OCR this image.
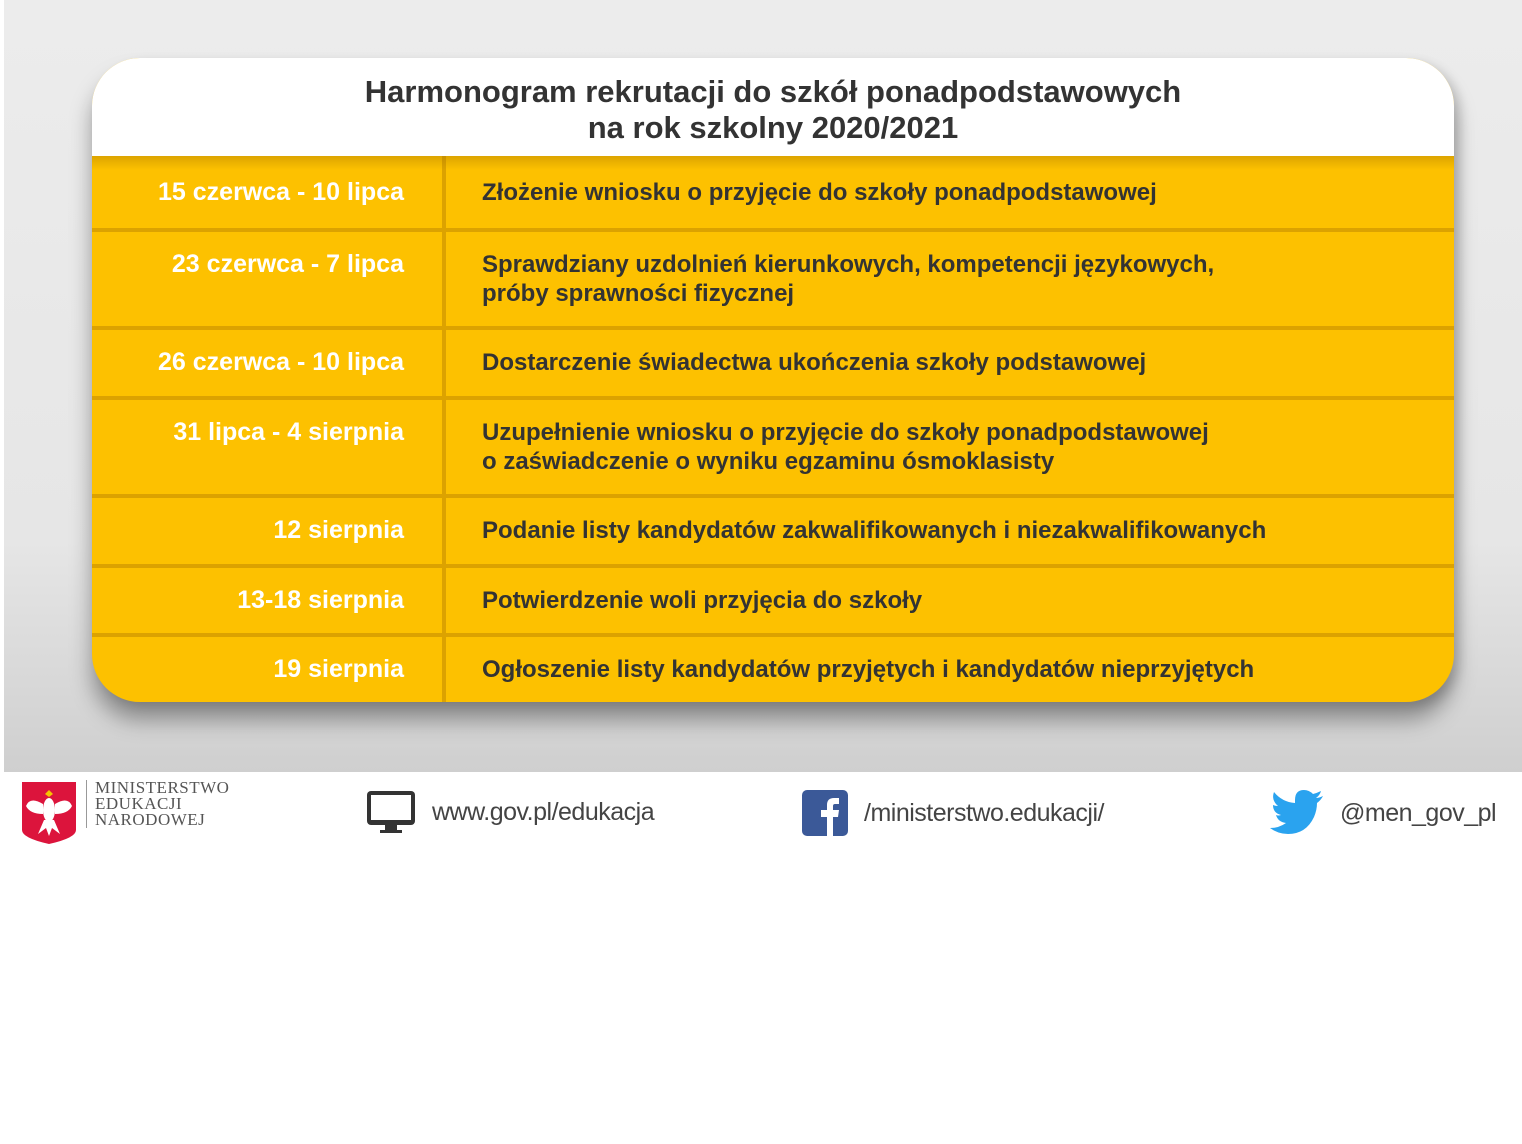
Harmonogram rekrutacji do szkół ponadpodstawowych
na rok szkolny 2020/2021
15 czerwca - 10 lipca	Złożenie wniosku o przyjęcie do szkoły ponadpodstawowej
23 czerwca - 7 lipca	Sprawdziany uzdolnień kierunkowych, kompetencji językowych,
próby sprawności fizycznej
26 czerwca - 10 lipca	Dostarczenie świadectwa ukończenia szkoły podstawowej
31 lipca - 4 sierpnia	Uzupełnienie wniosku o przyjęcie do szkoły ponadpodstawowej
o zaświadczenie o wyniku egzaminu ósmoklasisty
12 sierpnia	Podanie listy kandydatów zakwalifikowanych i niezakwalifikowanych
13-18 sierpnia	Potwierdzenie woli przyjęcia do szkoły
19 sierpnia	Ogłoszenie listy kandydatów przyjętych i kandydatów nieprzyjętych
MINISTERSTWO
EDUKACJI
NARODOWEJ	www.gov.pl/edukacja	/ministerstwo.edukacji/	@men_gov_pl
